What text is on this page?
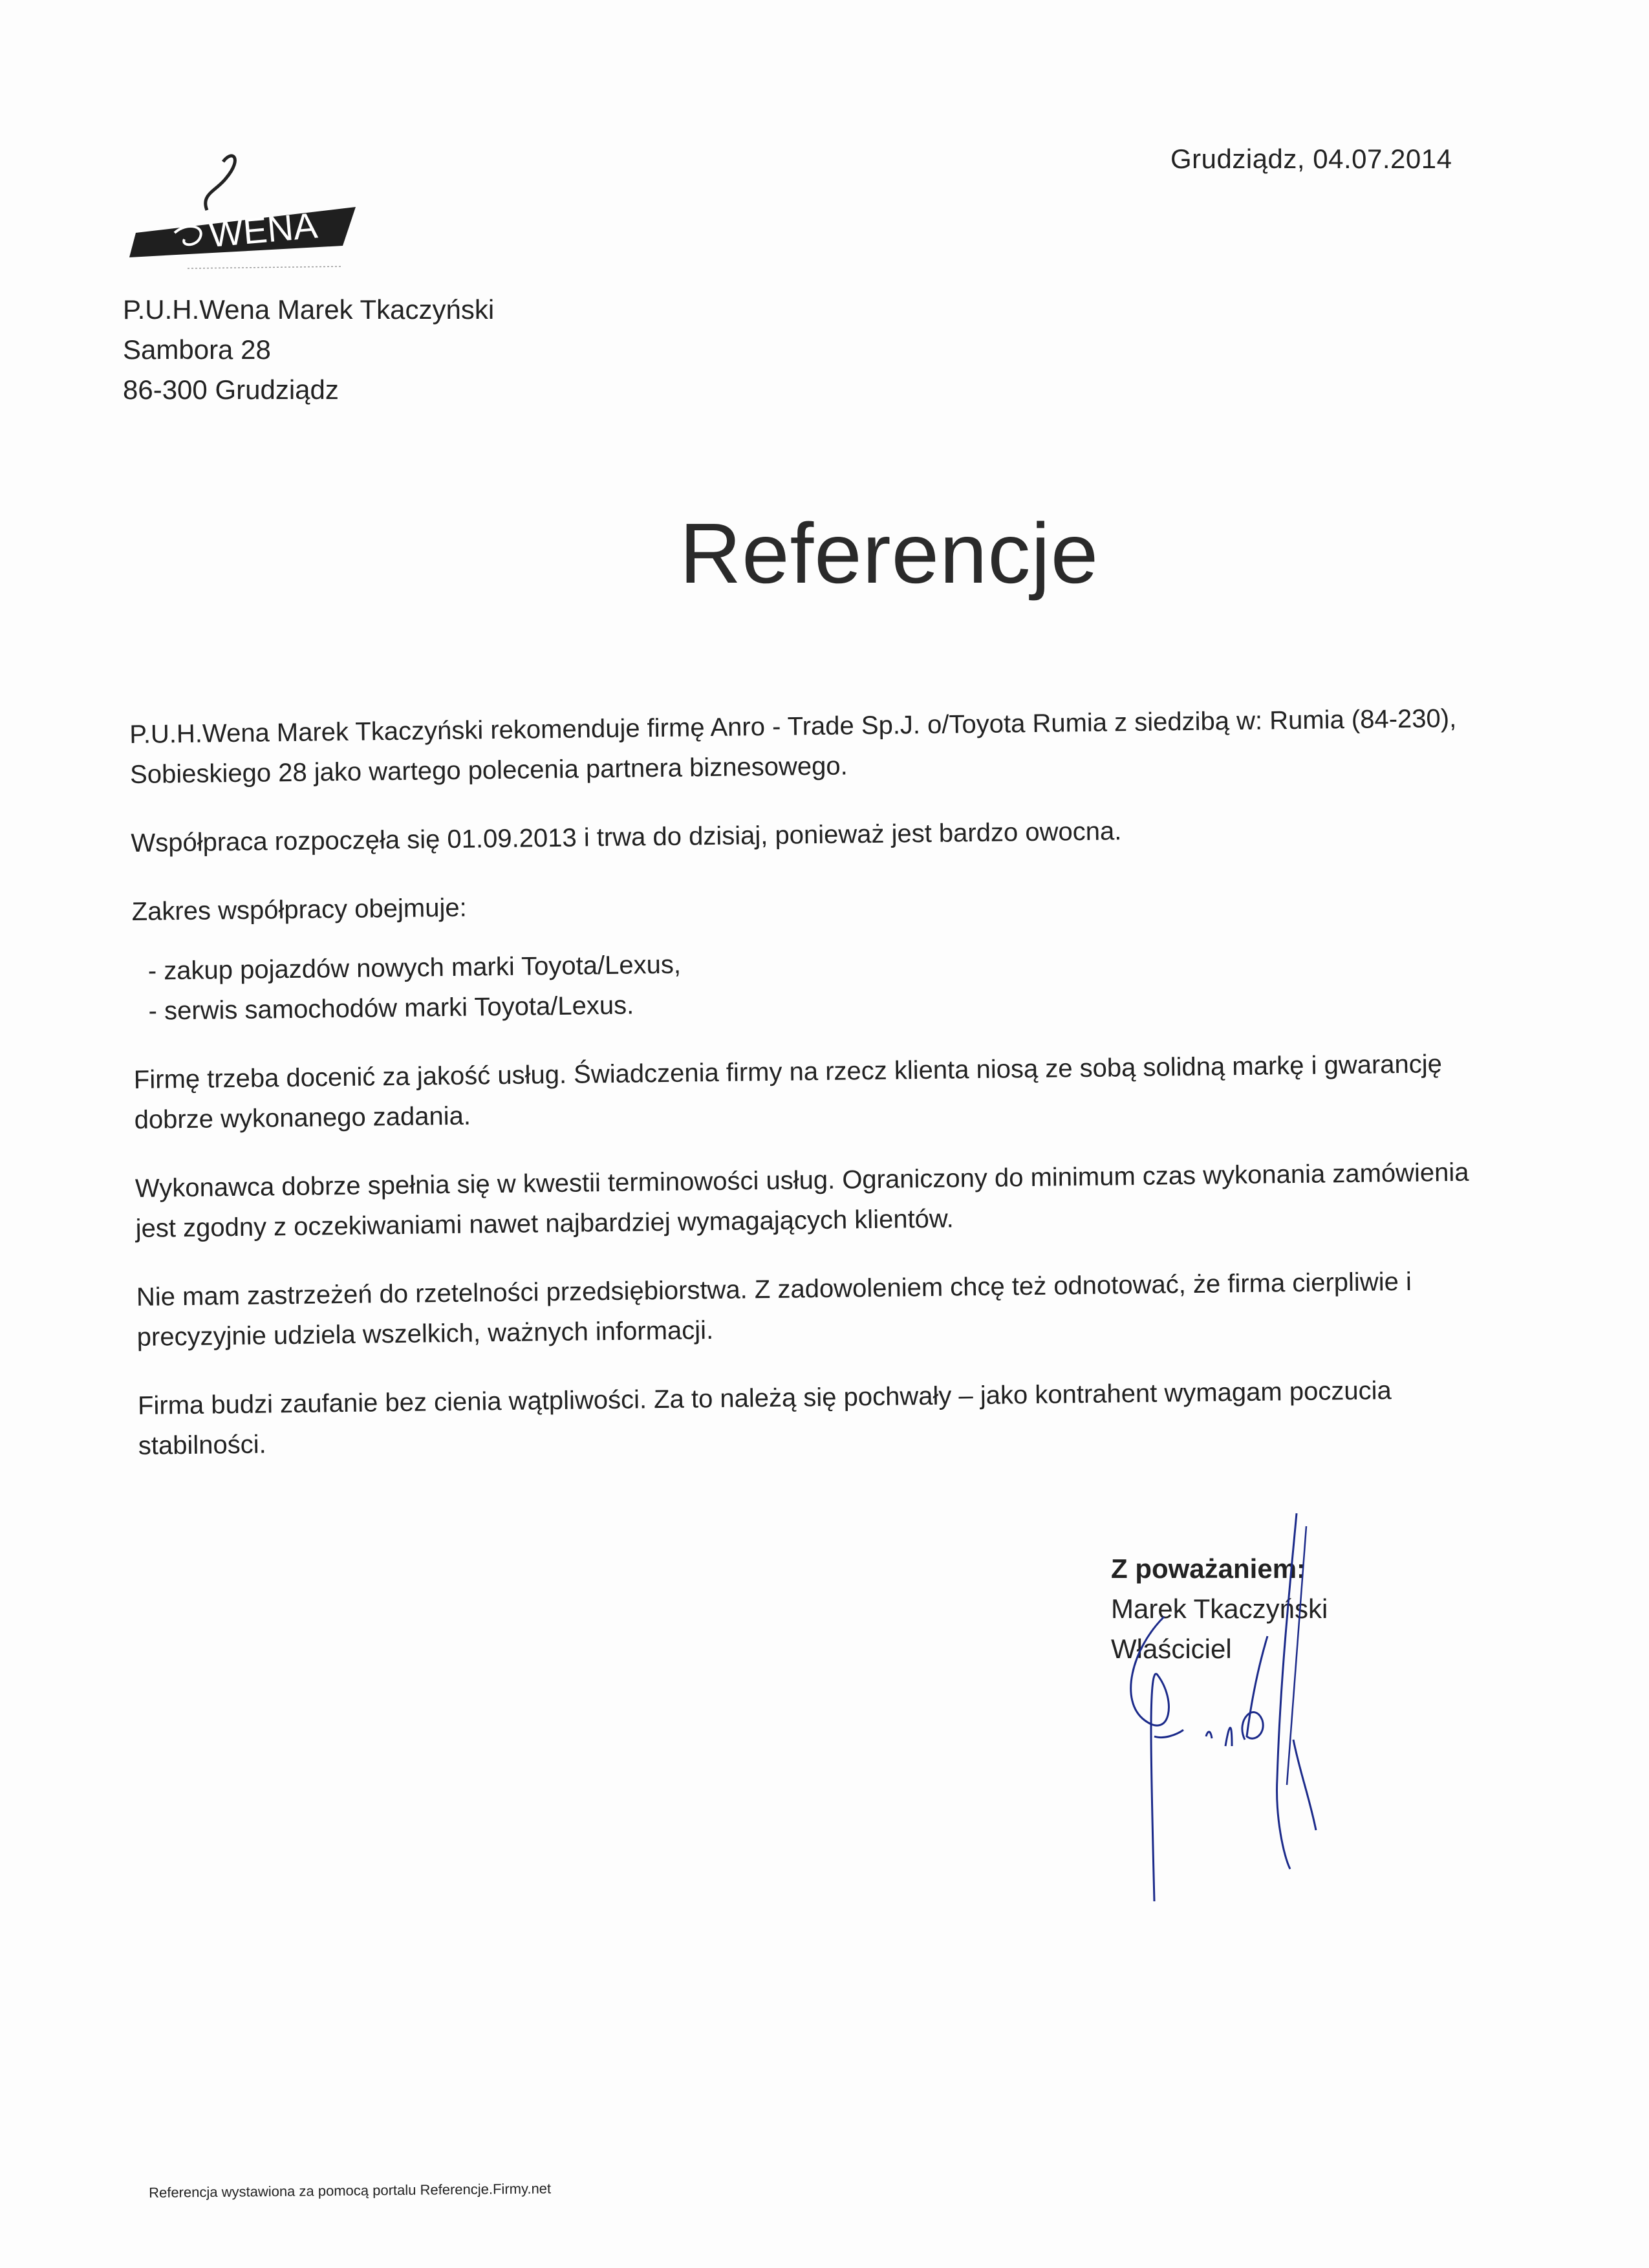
Grudziądz, 04.07.2014
WENA
P.U.H.Wena Marek Tkaczyński
Sambora 28
86-300 Grudziądz
Referencje

P.U.H.Wena Marek Tkaczyński rekomenduje firmę Anro - Trade Sp.J. o/Toyota Rumia z siedzibą w: Rumia (84-230), Sobieskiego 28 jako wartego polecenia partnera biznesowego.

Współpraca rozpoczęła się 01.09.2013 i trwa do dzisiaj, ponieważ jest bardzo owocna.

Zakres współpracy obejmuje:

- zakup pojazdów nowych marki Toyota/Lexus,
- serwis samochodów marki Toyota/Lexus.

Firmę trzeba docenić za jakość usług. Świadczenia firmy na rzecz klienta niosą ze sobą solidną markę i gwarancję dobrze wykonanego zadania.

Wykonawca dobrze spełnia się w kwestii terminowości usług. Ograniczony do minimum czas wykonania zamówienia jest zgodny z oczekiwaniami nawet najbardziej wymagających klientów.

Nie mam zastrzeżeń do rzetelności przedsiębiorstwa. Z zadowoleniem chcę też odnotować, że firma cierpliwie i precyzyjnie udziela wszelkich, ważnych informacji.

Firma budzi zaufanie bez cienia wątpliwości. Za to należą się pochwały – jako kontrahent wymagam poczucia stabilności.

Z poważaniem:
Marek Tkaczyński
Właściciel
Referencja wystawiona za pomocą portalu Referencje.Firmy.net
